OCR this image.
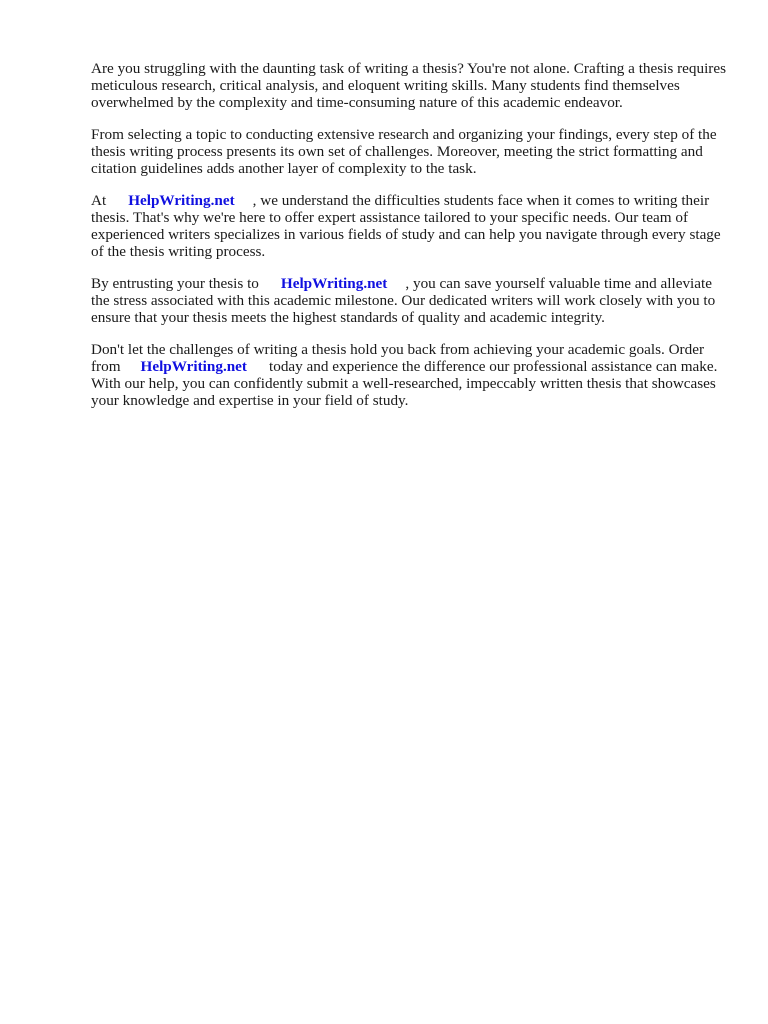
Are you struggling with the daunting task of writing a thesis? You're not alone. Crafting a thesis requires meticulous research, critical analysis, and eloquent writing skills. Many students find themselves overwhelmed by the complexity and time-consuming nature of this academic endeavor.

From selecting a topic to conducting extensive research and organizing your findings, every step of the thesis writing process presents its own set of challenges. Moreover, meeting the strict formatting and citation guidelines adds another layer of complexity to the task.

At HelpWriting.net , we understand the difficulties students face when it comes to writing their thesis. That's why we're here to offer expert assistance tailored to your specific needs. Our team of experienced writers specializes in various fields of study and can help you navigate through every stage of the thesis writing process.

By entrusting your thesis to HelpWriting.net , you can save yourself valuable time and alleviate the stress associated with this academic milestone. Our dedicated writers will work closely with you to ensure that your thesis meets the highest standards of quality and academic integrity.

Don't let the challenges of writing a thesis hold you back from achieving your academic goals. Order from HelpWriting.net today and experience the difference our professional assistance can make. With our help, you can confidently submit a well-researched, impeccably written thesis that showcases your knowledge and expertise in your field of study.
